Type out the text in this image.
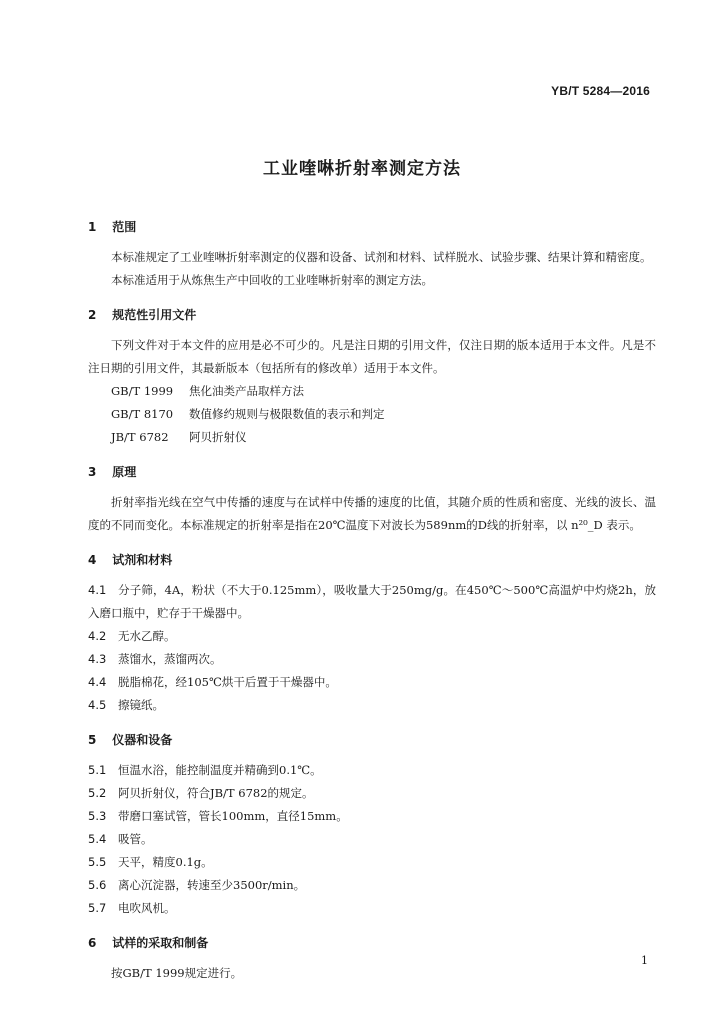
YB/T 5284—2016
工业喹啉折射率测定方法
1 范围
本标准规定了工业喹啉折射率测定的仪器和设备、试剂和材料、试样脱水、试验步骤、结果计算和精密度。
本标准适用于从炼焦生产中回收的工业喹啉折射率的测定方法。
2 规范性引用文件
下列文件对于本文件的应用是必不可少的。凡是注日期的引用文件，仅注日期的版本适用于本文件。凡是不注日期的引用文件，其最新版本（包括所有的修改单）适用于本文件。
GB/T 1999 焦化油类产品取样方法
GB/T 8170 数值修约规则与极限数值的表示和判定
JB/T 6782 阿贝折射仪
3 原理
折射率指光线在空气中传播的速度与在试样中传播的速度的比值，其随介质的性质和密度、光线的波长、温度的不同而变化。本标准规定的折射率是指在20℃温度下对波长为589nm的D线的折射率，以 n²⁰_D 表示。
4 试剂和材料
4.1 分子筛，4A，粉状（不大于0.125mm），吸收量大于250mg/g。在450℃～500℃高温炉中灼烧2h，放入磨口瓶中，贮存于干燥器中。
4.2 无水乙醇。
4.3 蒸馏水，蒸馏两次。
4.4 脱脂棉花，经105℃烘干后置于干燥器中。
4.5 擦镜纸。
5 仪器和设备
5.1 恒温水浴，能控制温度并精确到0.1℃。
5.2 阿贝折射仪，符合JB/T 6782的规定。
5.3 带磨口塞试管，管长100mm，直径15mm。
5.4 吸管。
5.5 天平，精度0.1g。
5.6 离心沉淀器，转速至少3500r/min。
5.7 电吹风机。
6 试样的采取和制备
按GB/T 1999规定进行。
1
